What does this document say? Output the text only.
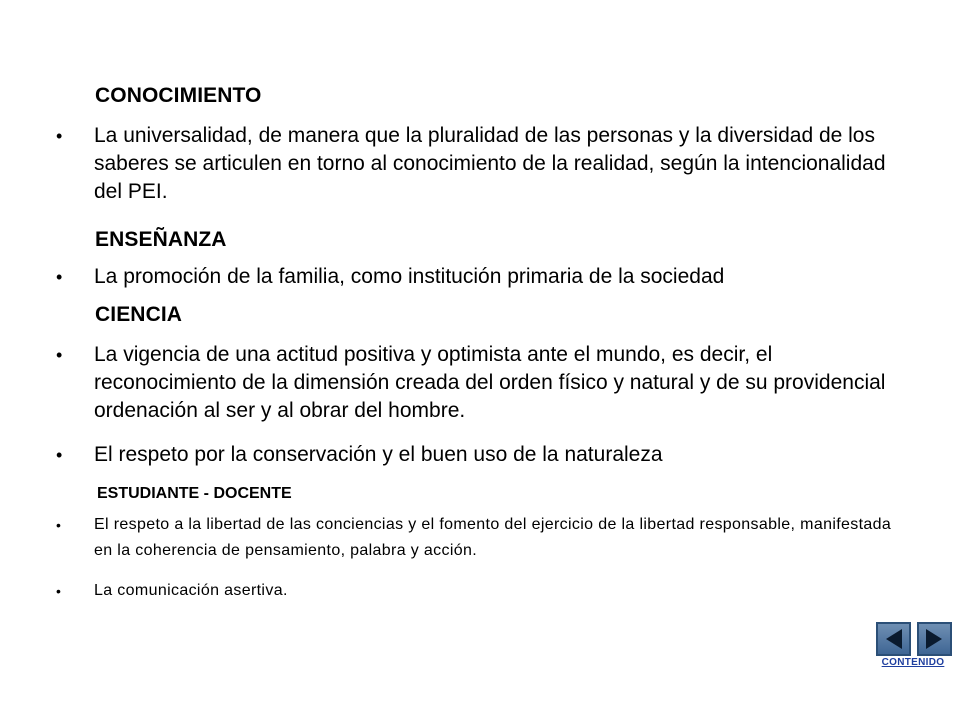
CONOCIMIENTO
•	La universalidad, de manera que la pluralidad de las personas y la diversidad de los saberes se articulen en torno al conocimiento de la realidad, según la intencionalidad del PEI.
ENSEÑANZA
•	La promoción de la familia, como institución primaria de la sociedad
CIENCIA
•	La vigencia de una actitud positiva y optimista ante el mundo, es decir, el reconocimiento de la dimensión creada del orden físico y natural y de su providencial ordenación al ser y al obrar del hombre.
•	El respeto por la conservación y el buen uso de la naturaleza
ESTUDIANTE - DOCENTE
• El respeto a la libertad de las conciencias y el fomento del ejercicio de la libertad responsable, manifestada en la coherencia de pensamiento, palabra y acción.
• La comunicación asertiva.
CONTENIDO
